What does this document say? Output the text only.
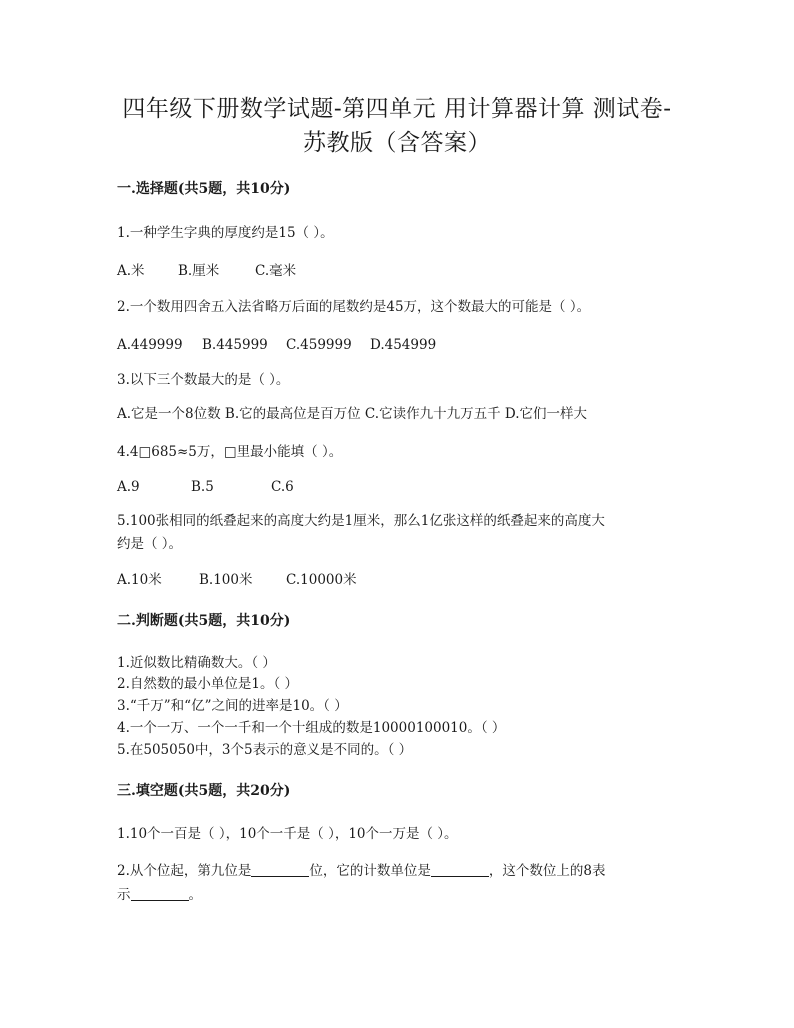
四年级下册数学试题-第四单元 用计算器计算 测试卷-
苏教版（含答案）
一.选择题(共5题，共10分)
1.一种学生字典的厚度约是15（ ）。
A.米 B.厘米	C.毫米
2.一个数用四舍五入法省略万后面的尾数约是45万，这个数最大的可能是（ ）。
A.449999 B.445999 C.459999 D.454999
3.以下三个数最大的是（ ）。
A.它是一个8位数 B.它的最高位是百万位 C.它读作九十九万五千 D.它们一样大
4.4□685≈5万，□里最小能填（ ）。
A.9	B.5	C.6
5.100张相同的纸叠起来的高度大约是1厘米，那么1亿张这样的纸叠起来的高度大
约是（ ）。
A.10米	B.100米 C.10000米
二.判断题(共5题，共10分)
1.近似数比精确数大。（ ）
2.自然数的最小单位是1。（ ）
3.“千万”和“亿”之间的进率是10。（ ）
4.一个一万、一个一千和一个十组成的数是10000100010。（ ）
5.在505050中，3个5表示的意义是不同的。（ ）
三.填空题(共5题，共20分)
1.10个一百是（ ），10个一千是（ ），10个一万是（ ）。
2.从个位起，第九位是	位，它的计数单位是	，这个数位上的8表
示	。
